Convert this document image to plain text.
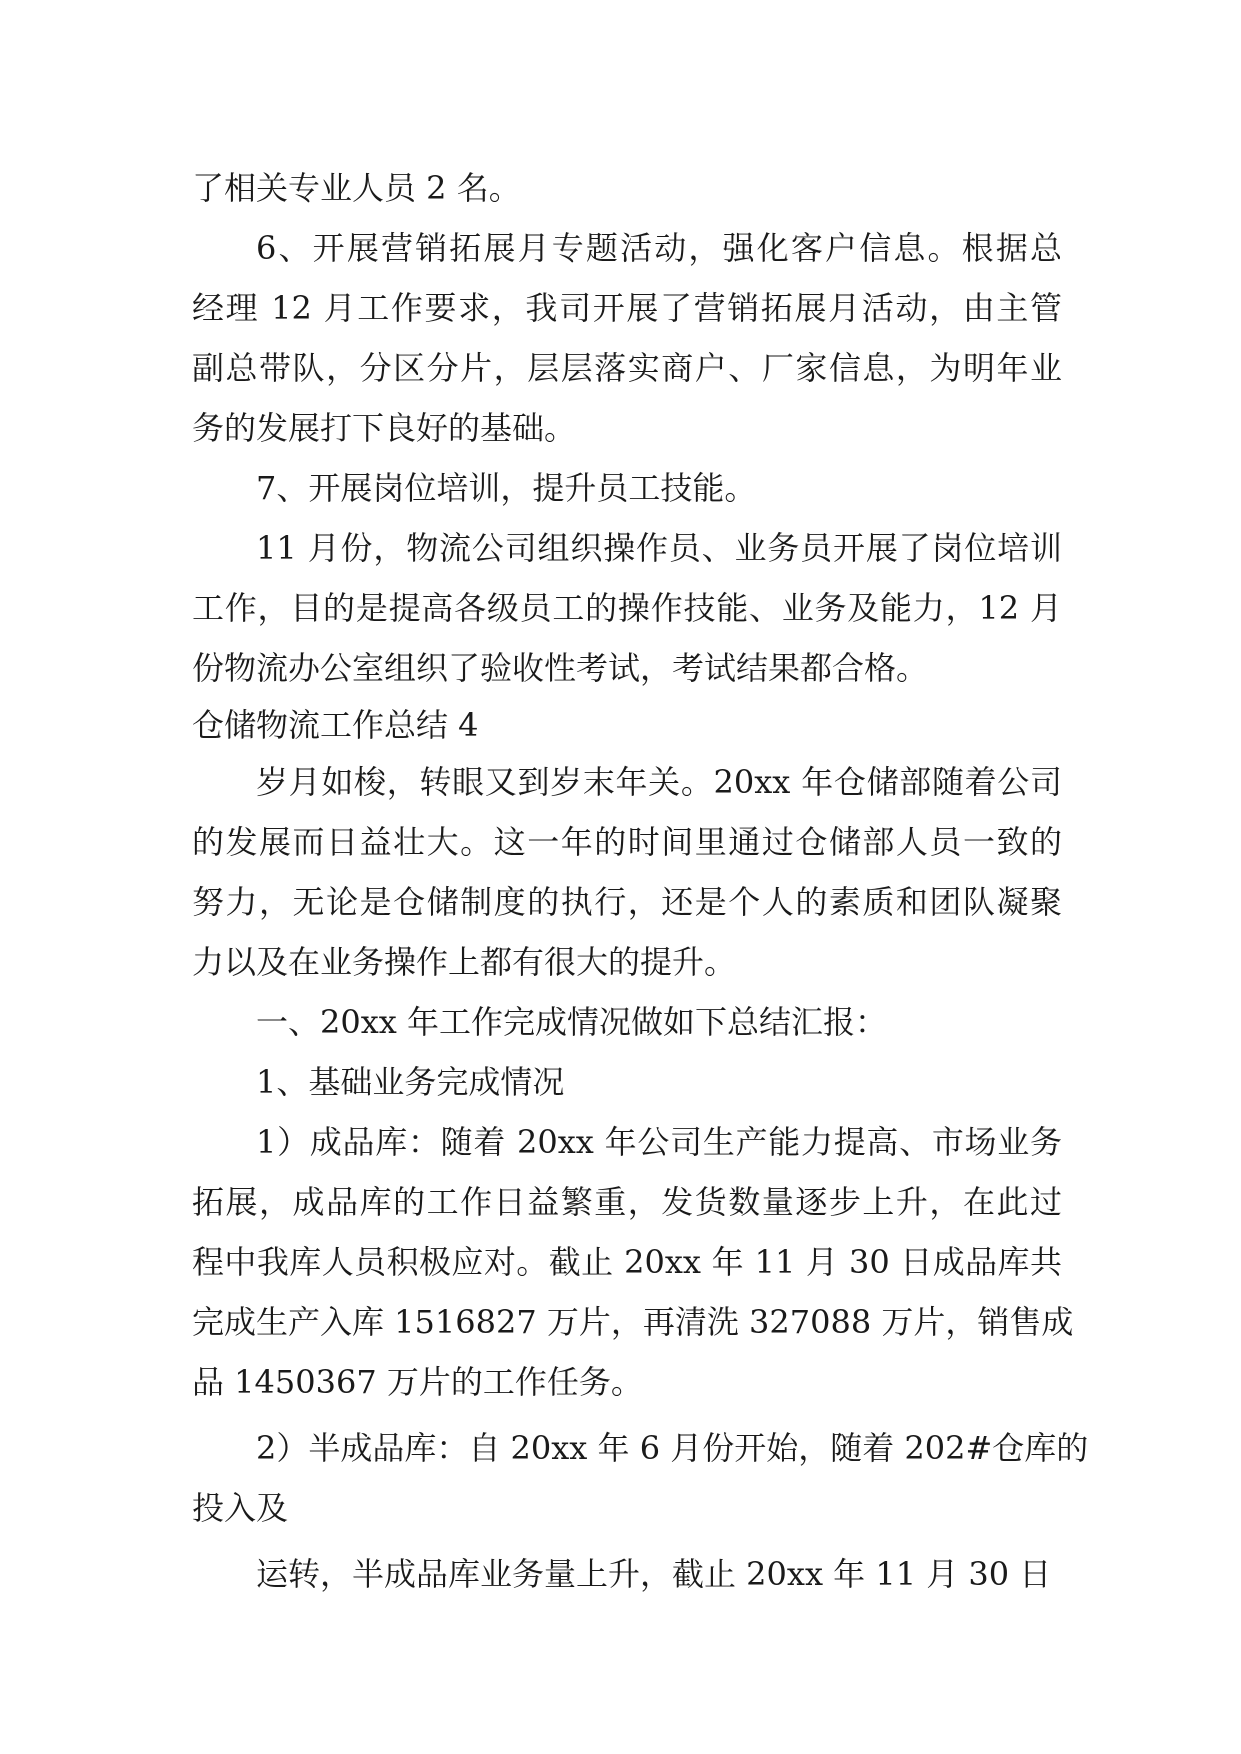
了相关专业人员 2 名。
6、开展营销拓展月专题活动，强化客户信息。根据总
经理 12 月工作要求，我司开展了营销拓展月活动，由主管
副总带队，分区分片，层层落实商户、厂家信息，为明年业
务的发展打下良好的基础。
7、开展岗位培训，提升员工技能。
11 月份，物流公司组织操作员、业务员开展了岗位培训
工作，目的是提高各级员工的操作技能、业务及能力，12 月
份物流办公室组织了验收性考试，考试结果都合格。
仓储物流工作总结 4
岁月如梭，转眼又到岁末年关。20xx 年仓储部随着公司
的发展而日益壮大。这一年的时间里通过仓储部人员一致的
努力，无论是仓储制度的执行，还是个人的素质和团队凝聚
力以及在业务操作上都有很大的提升。
一、20xx 年工作完成情况做如下总结汇报：
1、基础业务完成情况
1）成品库：随着 20xx 年公司生产能力提高、市场业务
拓展，成品库的工作日益繁重，发货数量逐步上升，在此过
程中我库人员积极应对。截止 20xx 年 11 月 30 日成品库共
完成生产入库 1516827 万片，再清洗 327088 万片，销售成
品 1450367 万片的工作任务。
2）半成品库：自 20xx 年 6 月份开始，随着 202#仓库的
投入及
运转，半成品库业务量上升，截止 20xx 年 11 月 30 日
